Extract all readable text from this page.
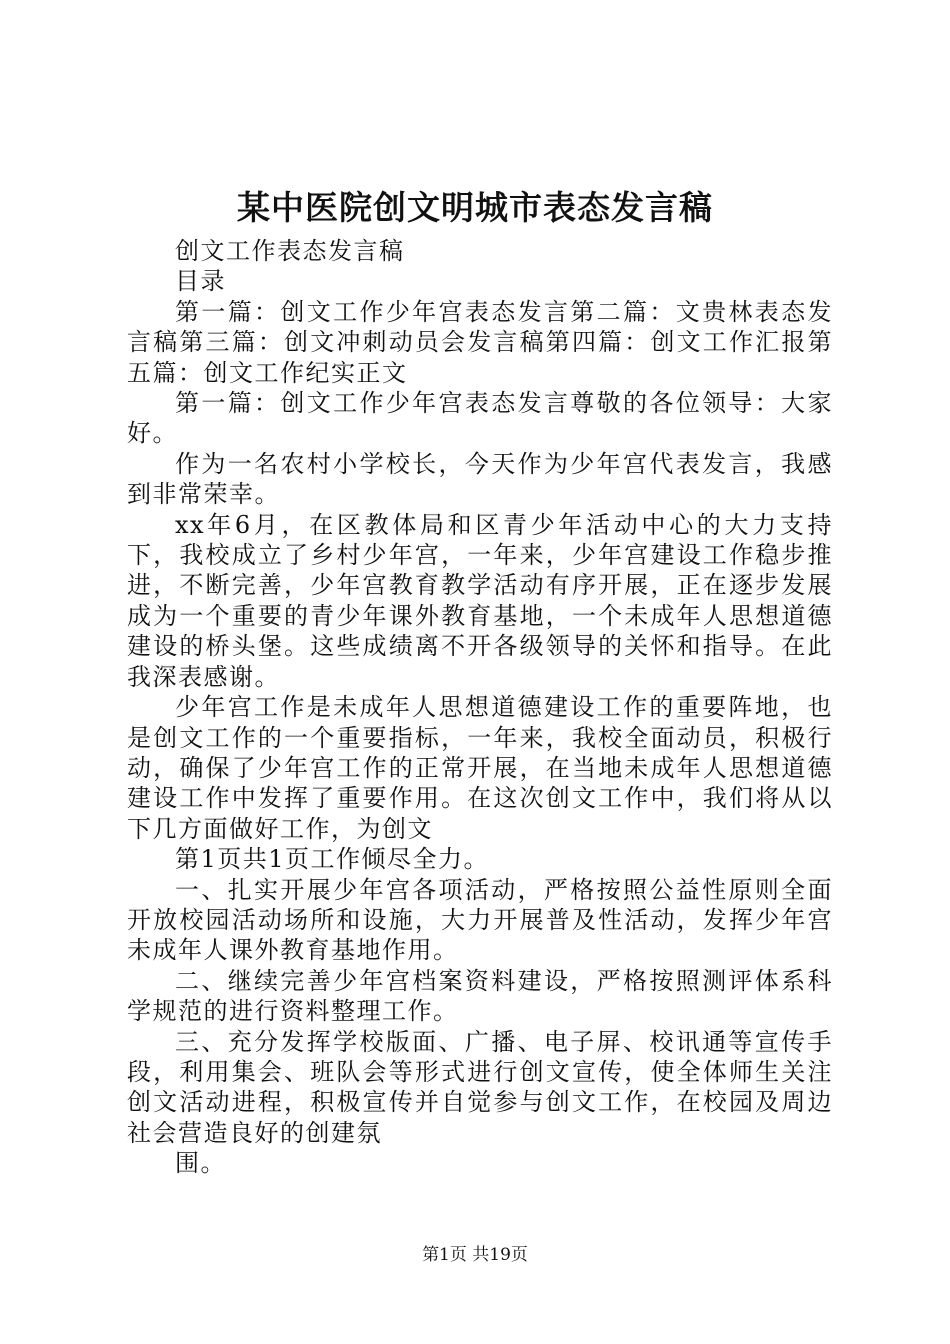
某中医院创文明城市表态发言稿

创文工作表态发言稿

目录

第一篇：创文工作少年宫表态发言第二篇：文贵林表态发言稿第三篇：创文冲刺动员会发言稿第四篇：创文工作汇报第五篇：创文工作纪实正文

第一篇：创文工作少年宫表态发言尊敬的各位领导：大家好。

作为一名农村小学校长，今天作为少年宫代表发言，我感到非常荣幸。

xx年6月，在区教体局和区青少年活动中心的大力支持下，我校成立了乡村少年宫，一年来，少年宫建设工作稳步推进，不断完善，少年宫教育教学活动有序开展，正在逐步发展成为一个重要的青少年课外教育基地，一个未成年人思想道德建设的桥头堡。这些成绩离不开各级领导的关怀和指导。在此我深表感谢。

少年宫工作是未成年人思想道德建设工作的重要阵地，也是创文工作的一个重要指标，一年来，我校全面动员，积极行动，确保了少年宫工作的正常开展，在当地未成年人思想道德建设工作中发挥了重要作用。在这次创文工作中，我们将从以下几方面做好工作，为创文

第1页共1页工作倾尽全力。

一、扎实开展少年宫各项活动，严格按照公益性原则全面开放校园活动场所和设施，大力开展普及性活动，发挥少年宫未成年人课外教育基地作用。

二、继续完善少年宫档案资料建设，严格按照测评体系科学规范的进行资料整理工作。

三、充分发挥学校版面、广播、电子屏、校讯通等宣传手段，利用集会、班队会等形式进行创文宣传，使全体师生关注创文活动进程，积极宣传并自觉参与创文工作，在校园及周边社会营造良好的创建氛

围。

第1页 共19页
